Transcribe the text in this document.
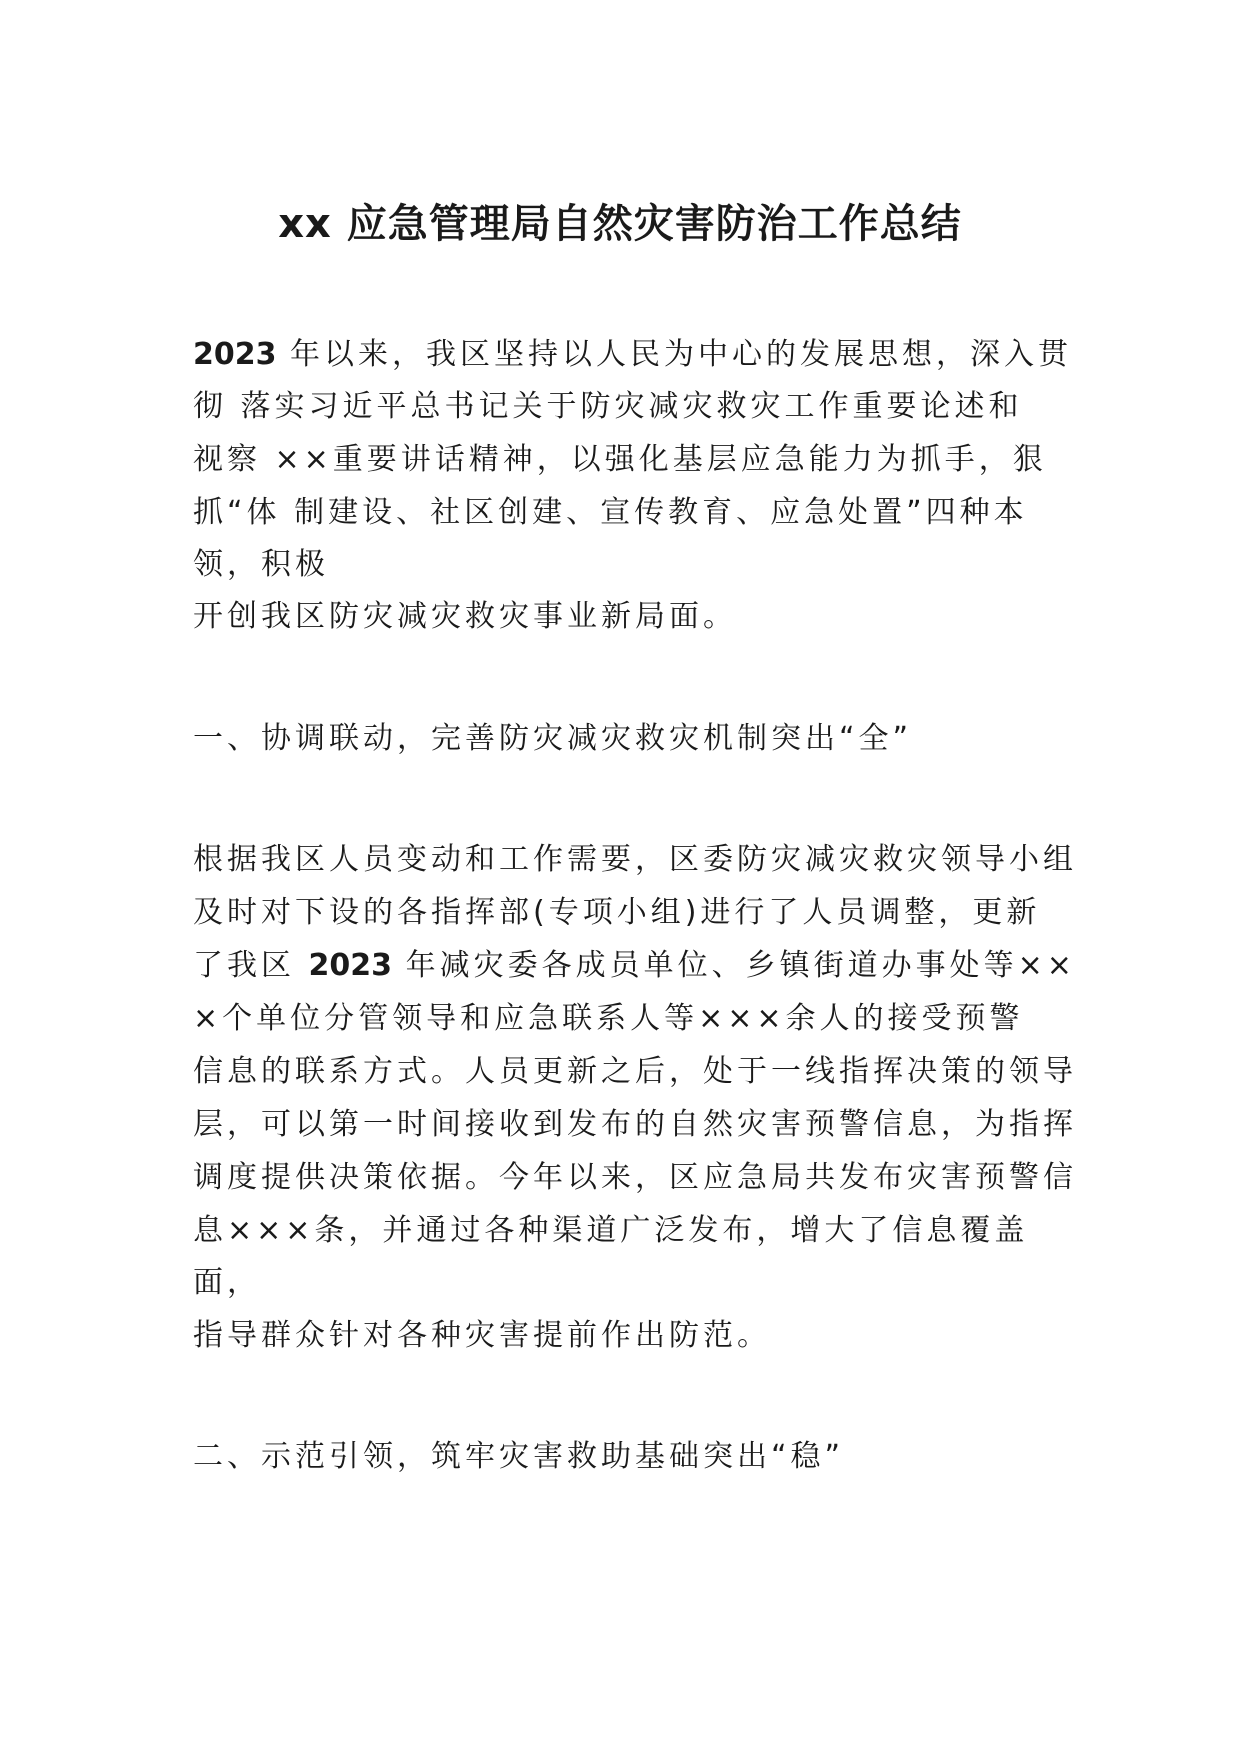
xx 应急管理局自然灾害防治工作总结
2023 年以来，我区坚持以人民为中心的发展思想，深入贯
彻 落实习近平总书记关于防灾减灾救灾工作重要论述和
视察 ××重要讲话精神，以强化基层应急能力为抓手，狠
抓“体 制建设、社区创建、宣传教育、应急处置”四种本
领，积极
开创我区防灾减灾救灾事业新局面。
一、协调联动，完善防灾减灾救灾机制突出“全”
根据我区人员变动和工作需要，区委防灾减灾救灾领导小组
及时对下设的各指挥部(专项小组)进行了人员调整，更新
了我区 2023 年减灾委各成员单位、乡镇街道办事处等××
×个单位分管领导和应急联系人等×××余人的接受预警
信息的联系方式。人员更新之后，处于一线指挥决策的领导
层，可以第一时间接收到发布的自然灾害预警信息，为指挥
调度提供决策依据。今年以来，区应急局共发布灾害预警信
息×××条，并通过各种渠道广泛发布，增大了信息覆盖
面，
指导群众针对各种灾害提前作出防范。
二、示范引领，筑牢灾害救助基础突出“稳”
